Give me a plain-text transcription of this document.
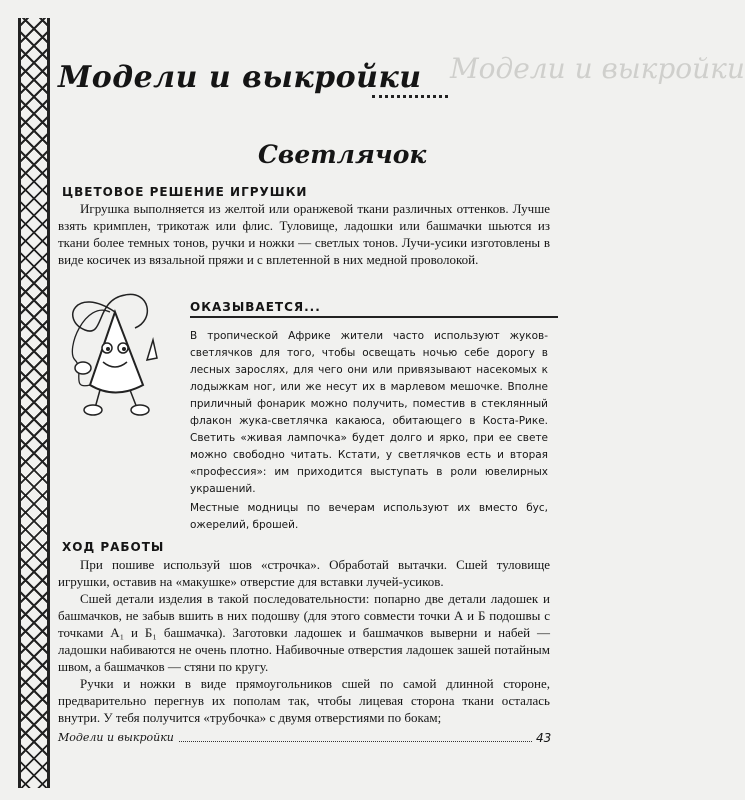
Модели и выкройки
Модели и выкройки
Светлячок
ЦВЕТОВОЕ РЕШЕНИЕ ИГРУШКИ

Игрушка выполняется из желтой или оранжевой ткани различных оттенков. Лучше взять кримплен, трикотаж или флис. Туловище, ладошки или башмачки шьются из ткани более темных тонов, ручки и ножки — светлых тонов. Лучи-усики изготовлены в виде косичек из вязальной пряжи и с вплетенной в них медной проволокой.

ОКАЗЫВАЕТСЯ...

В тропической Африке жители часто используют жуков-светлячков для того, чтобы освещать ночью себе дорогу в лесных зарослях, для чего они или привязывают насекомых к лодыжкам ног, или же несут их в марлевом мешочке. Вполне приличный фонарик можно получить, поместив в стеклянный флакон жука-светлячка какаюса, обитающего в Коста-Рике. Светить «живая лампочка» будет долго и ярко, при ее свете можно свободно читать. Кстати, у светлячков есть и вторая «профессия»: им приходится выступать в роли ювелирных украшений.

Местные модницы по вечерам используют их вместо бус, ожерелий, брошей.

ХОД РАБОТЫ

При пошиве используй шов «строчка». Обработай вытачки. Сшей туловище игрушки, оставив на «макушке» отверстие для вставки лучей-усиков.

Сшей детали изделия в такой последовательности: попарно две детали ладошек и башмачков, не забыв вшить в них подошву (для этого совмести точки А и Б подошвы с точками А₁ и Б₁ башмачка). Заготовки ладошек и башмачков выверни и набей — ладошки набиваются не очень плотно. Набивочные отверстия ладошек зашей потайным швом, а башмачков — стяни по кругу.

Ручки и ножки в виде прямоугольников сшей по самой длинной стороне, предварительно перегнув их пополам так, чтобы лицевая сторона ткани осталась внутри. У тебя получится «трубочка» с двумя отверстиями по бокам;

Модели и выкройки	43
